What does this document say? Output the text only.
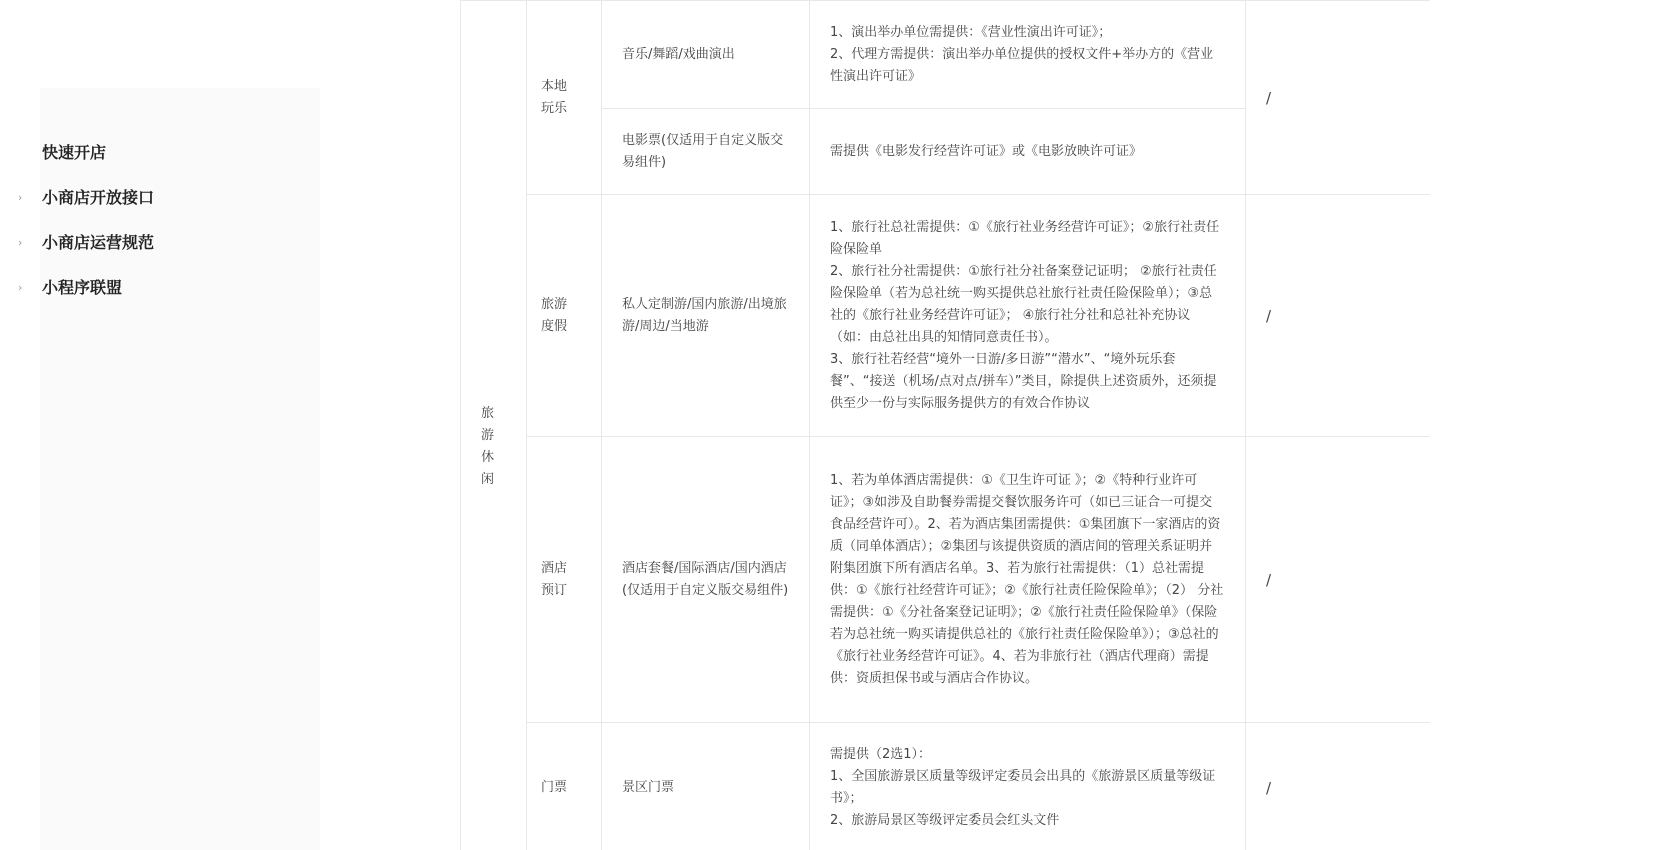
快速开店
› 小商店开放接口
› 小商店运营规范
› 小程序联盟
旅游休闲	本地玩乐	音乐/舞蹈/戏曲演出	1、演出举办单位需提供：《营业性演出许可证》；
2、代理方需提供：演出举办单位提供的授权文件+举办方的《营业性演出许可证》	/
		电影票(仅适用于自定义版交易组件)	需提供《电影发行经营许可证》或《电影放映许可证》	

	旅游度假	私人定制游/国内旅游/出境旅游/周边/当地游	1、旅行社总社需提供：①《旅行社业务经营许可证》；②旅行社责任险保险单
2、旅行社分社需提供：①旅行社分社备案登记证明； ②旅行社责任险保险单（若为总社统一购买提供总社旅行社责任险保险单）；③总社的《旅行社业务经营许可证》； ④旅行社分社和总社补充协议（如：由总社出具的知情同意责任书）。
3、旅行社若经营“境外一日游/多日游”“潜水”、“境外玩乐套餐”、“接送（机场/点对点/拼车）”类目，除提供上述资质外，还须提供至少一份与实际服务提供方的有效合作协议	/

	酒店预订	酒店套餐/国际酒店/国内酒店(仅适用于自定义版交易组件)	1、若为单体酒店需提供：①《卫生许可证 》；②《特种行业许可证》；③如涉及自助餐券需提交餐饮服务许可（如已三证合一可提交食品经营许可）。2、若为酒店集团需提供：①集团旗下一家酒店的资质（同单体酒店）；②集团与该提供资质的酒店间的管理关系证明并附集团旗下所有酒店名单。3、若为旅行社需提供：（1）总社需提供：①《旅行社经营许可证》；②《旅行社责任险保险单》；（2） 分社需提供：①《分社备案登记证明》；②《旅行社责任险保险单》（保险若为总社统一购买请提供总社的《旅行社责任险保险单》）；③总社的《旅行社业务经营许可证》。4、若为非旅行社（酒店代理商）需提供：资质担保书或与酒店合作协议。	/
	门票	景区门票	需提供（2选1）：
1、全国旅游景区质量等级评定委员会出具的《旅游景区质量等级证书》；
2、旅游局景区等级评定委员会红头文件	/
